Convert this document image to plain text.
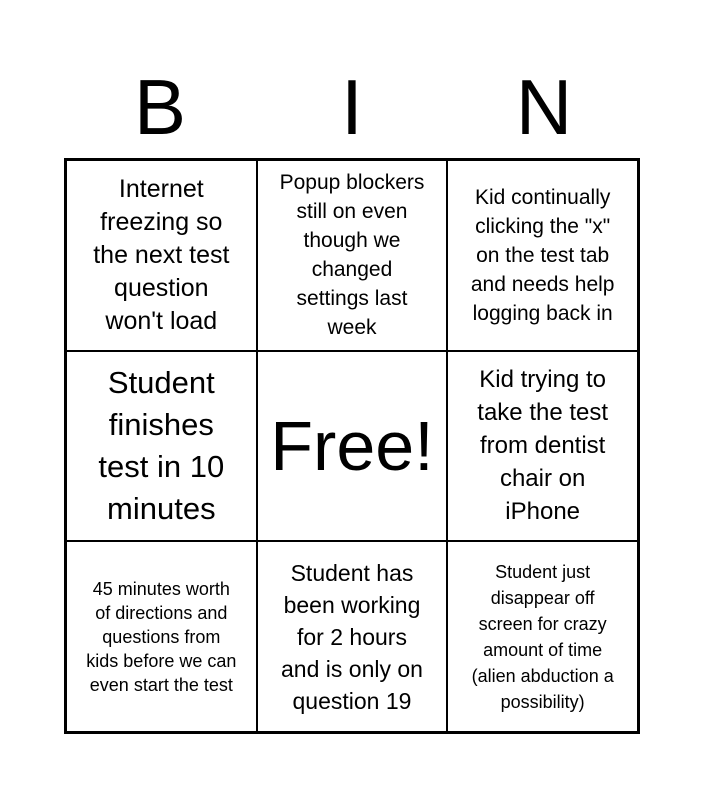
B	I	N
Internet
freezing so
the next test
question
won't load
Popup blockers
still on even
though we
changed
settings last
week
Kid continually
clicking the "x"
on the test tab
and needs help
logging back in
Student
finishes
test in 10
minutes
Free!
Kid trying to
take the test
from dentist
chair on
iPhone
45 minutes worth
of directions and
questions from
kids before we can
even start the test
Student has
been working
for 2 hours
and is only on
question 19
Student just
disappear off
screen for crazy
amount of time
(alien abduction a
possibility)
